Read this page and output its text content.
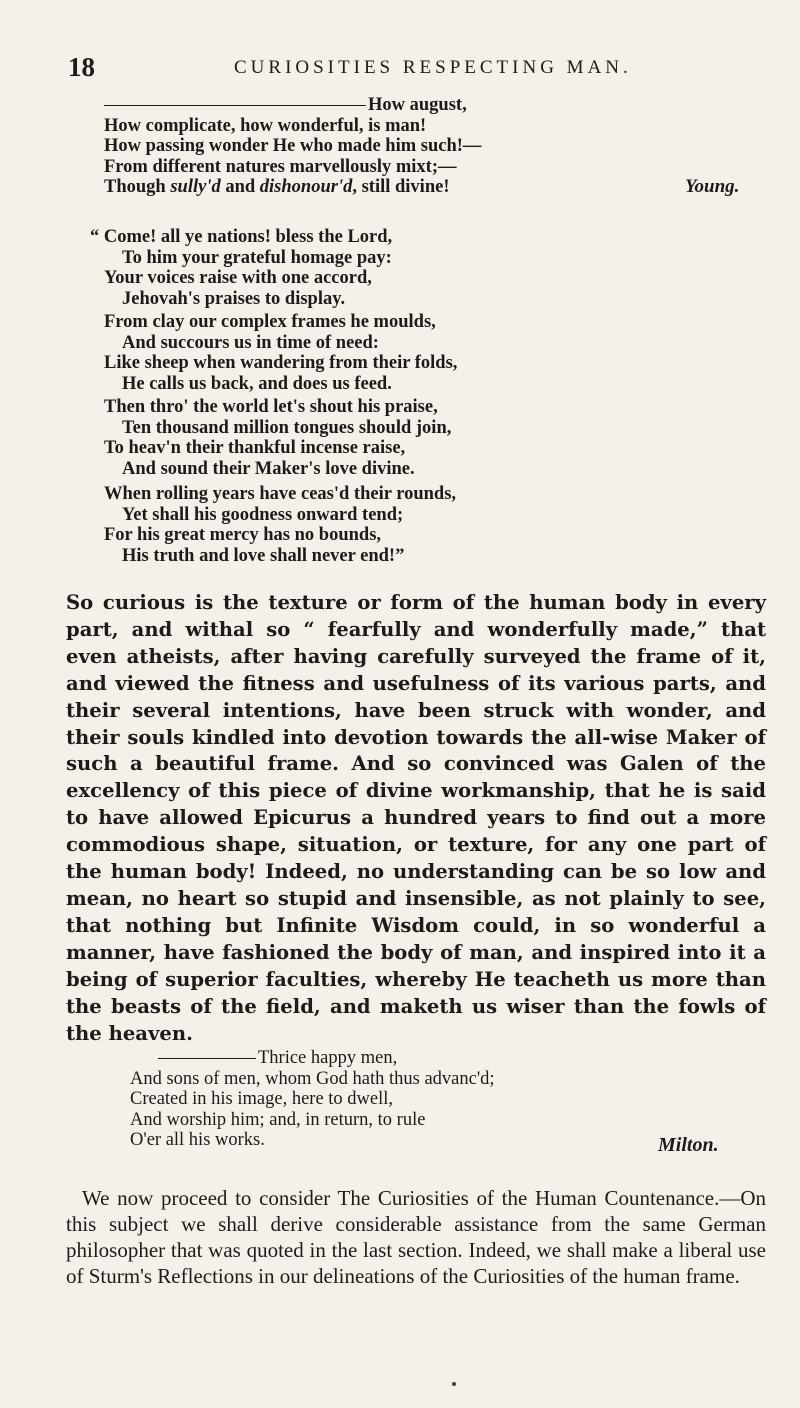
18	CURIOSITIES RESPECTING MAN.
How august,
How complicate, how wonderful, is man!
How passing wonder He who made him such!—
From different natures marvellously mixt;—
Though sully'd and dishonour'd, still divine!	Young.
“ Come! all ye nations! bless the Lord,
To him your grateful homage pay:
Your voices raise with one accord,
Jehovah's praises to display.
From clay our complex frames he moulds,
And succours us in time of need:
Like sheep when wandering from their folds,
He calls us back, and does us feed.
Then thro' the world let's shout his praise,
Ten thousand million tongues should join,
To heav'n their thankful incense raise,
And sound their Maker's love divine.
When rolling years have ceas'd their rounds,
Yet shall his goodness onward tend;
For his great mercy has no bounds,
His truth and love shall never end!”

So curious is the texture or form of the human body in every part, and withal so “ fearfully and wonderfully made,” that even atheists, after having carefully surveyed the frame of it, and viewed the fitness and usefulness of its various parts, and their several intentions, have been struck with wonder, and their souls kindled into devotion towards the all-wise Maker of such a beautiful frame. And so convinced was Galen of the excellency of this piece of divine workmanship, that he is said to have allowed Epicurus a hundred years to find out a more commodious shape, situation, or texture, for any one part of the human body! Indeed, no understanding can be so low and mean, no heart so stupid and insensible, as not plainly to see, that nothing but Infinite Wisdom could, in so wonderful a manner, have fashioned the body of man, and inspired into it a being of superior faculties, whereby He teacheth us more than the beasts of the field, and maketh us wiser than the fowls of the heaven.

Thrice happy men,
And sons of men, whom God hath thus advanc'd;
Created in his image, here to dwell,
And worship him; and, in return, to rule
O'er all his works.	Milton.

We now proceed to consider The Curiosities of the Human Countenance.—On this subject we shall derive considerable assistance from the same German philosopher that was quoted in the last section. Indeed, we shall make a liberal use of Sturm's Reflections in our delineations of the Curiosities of the human frame.
